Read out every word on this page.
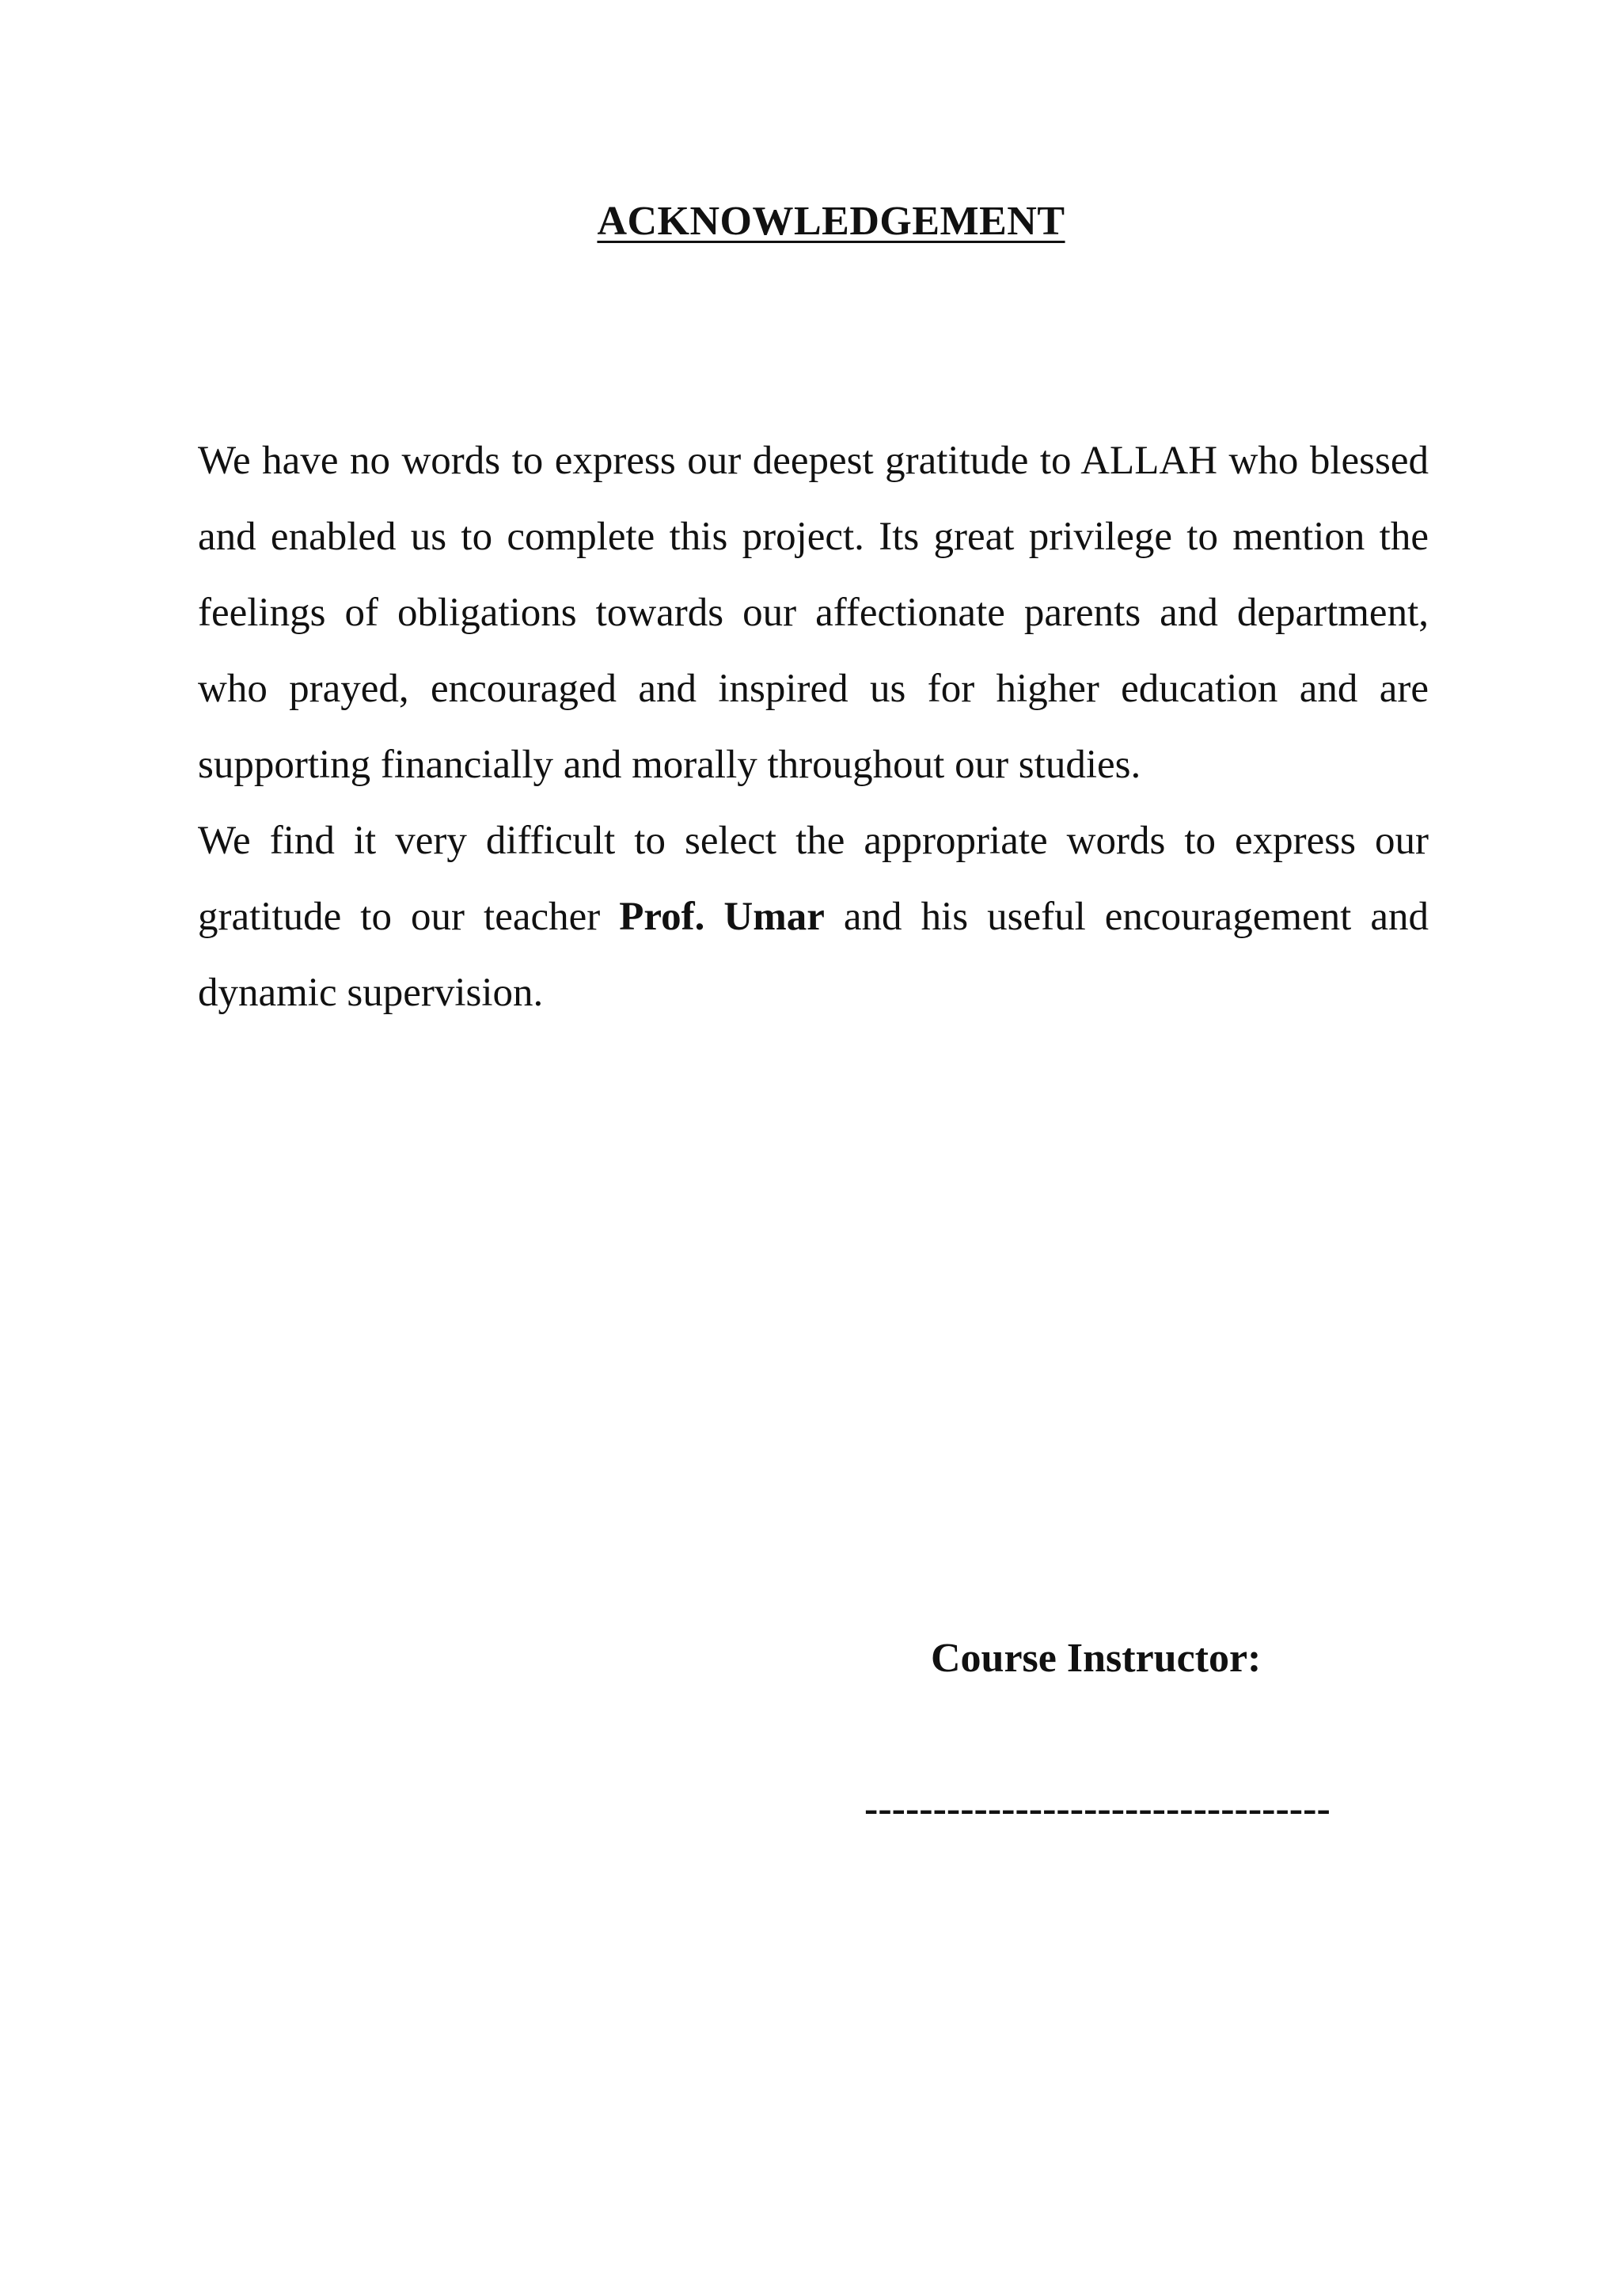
ACKNOWLEDGEMENT

We have no words to express our deepest gratitude to ALLAH who blessed and enabled us to complete this project. Its great privilege to mention the feelings of obligations towards our affectionate parents and department, who prayed, encouraged and inspired us for higher education and are supporting financially and morally throughout our studies.

We find it very difficult to select the appropriate words to express our gratitude to our teacher Prof. Umar and his useful encouragement and dynamic supervision.

Course Instructor:
----------------------------------
